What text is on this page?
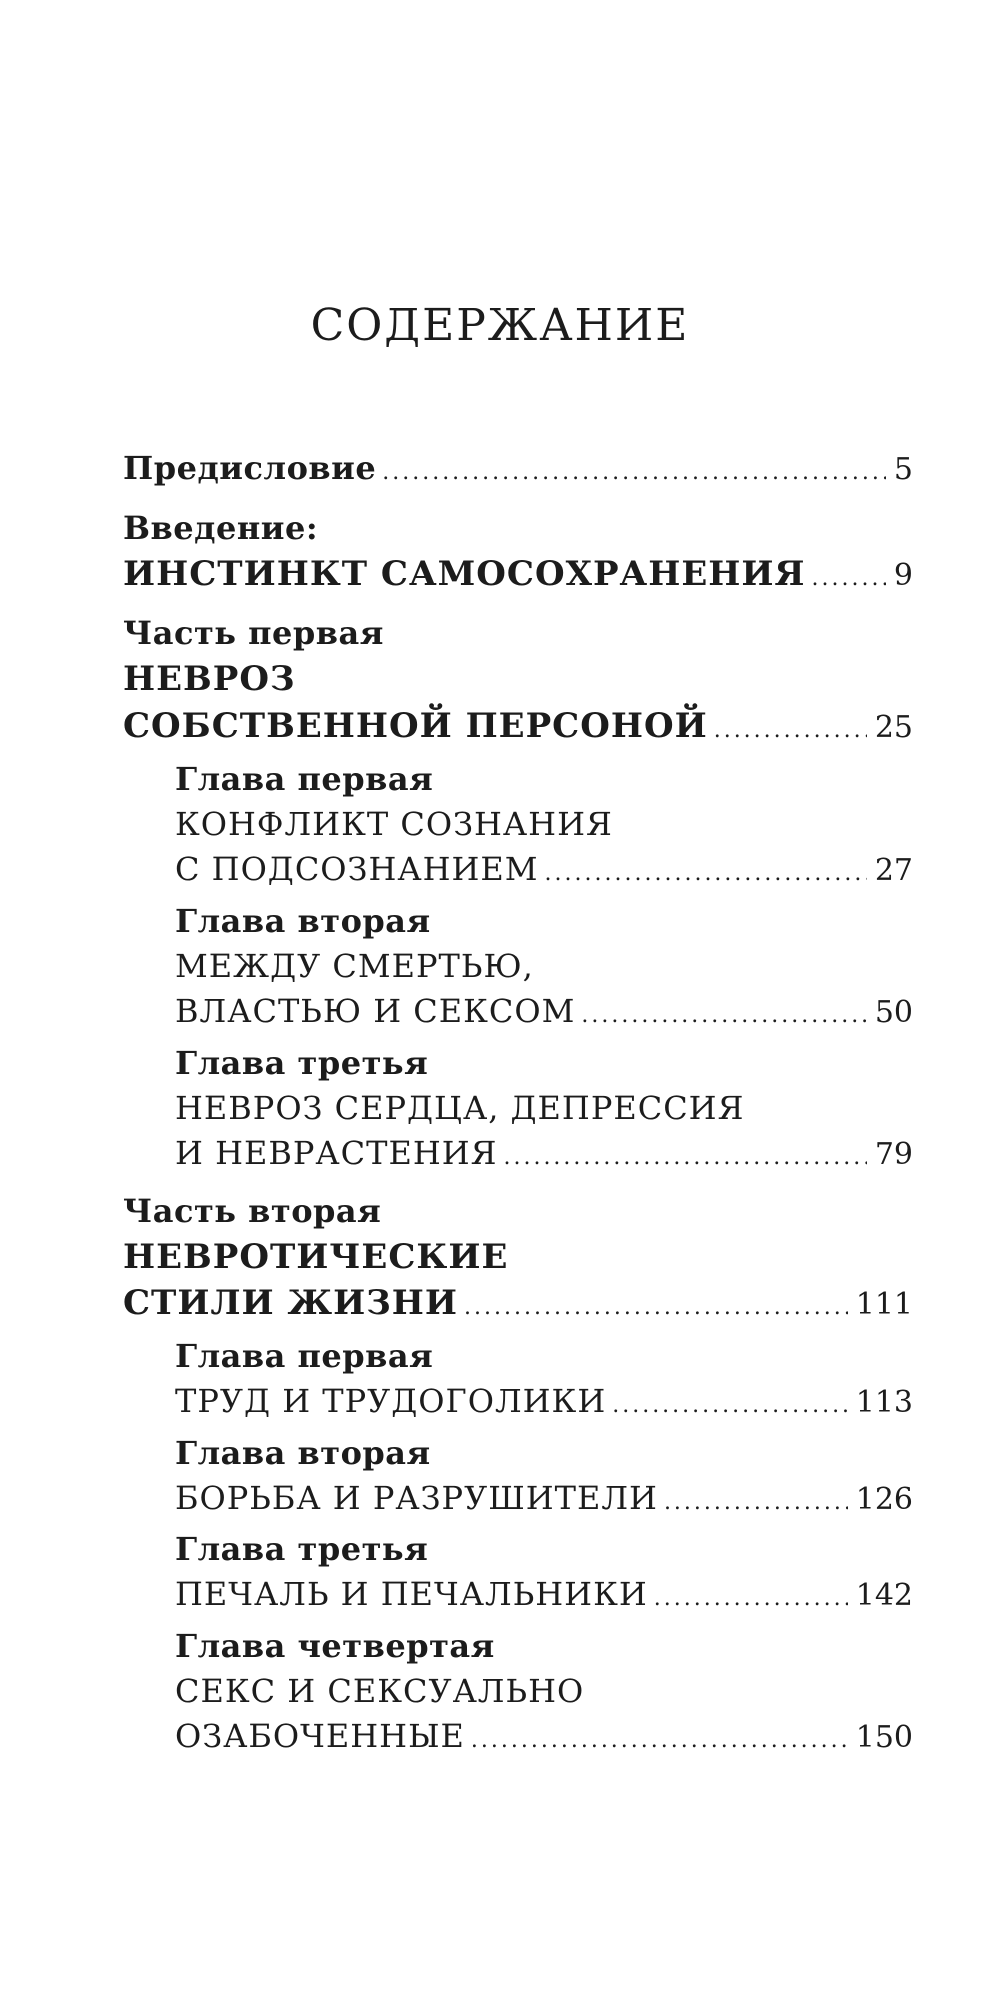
СОДЕРЖАНИЕ
Предисловие .....	5
Введение:
ИНСТИНКТ САМОСОХРАНЕНИЯ .....	9
Часть первая
НЕВРОЗ
СОБСТВЕННОЙ ПЕРСОНОЙ .....	25
Глава первая
КОНФЛИКТ СОЗНАНИЯ
С ПОДСОЗНАНИЕМ .....	27
Глава вторая
МЕЖДУ СМЕРТЬЮ,
ВЛАСТЬЮ И СЕКСОМ .....	50
Глава третья
НЕВРОЗ СЕРДЦА, ДЕПРЕССИЯ
И НЕВРАСТЕНИЯ .....	79
Часть вторая
НЕВРОТИЧЕСКИЕ
СТИЛИ ЖИЗНИ .....	111
Глава первая
ТРУД И ТРУДОГОЛИКИ .....	113
Глава вторая
БОРЬБА И РАЗРУШИТЕЛИ .....	126
Глава третья
ПЕЧАЛЬ И ПЕЧАЛЬНИКИ .....	142
Глава четвертая
СЕКС И СЕКСУАЛЬНО
ОЗАБОЧЕННЫЕ .....	150
